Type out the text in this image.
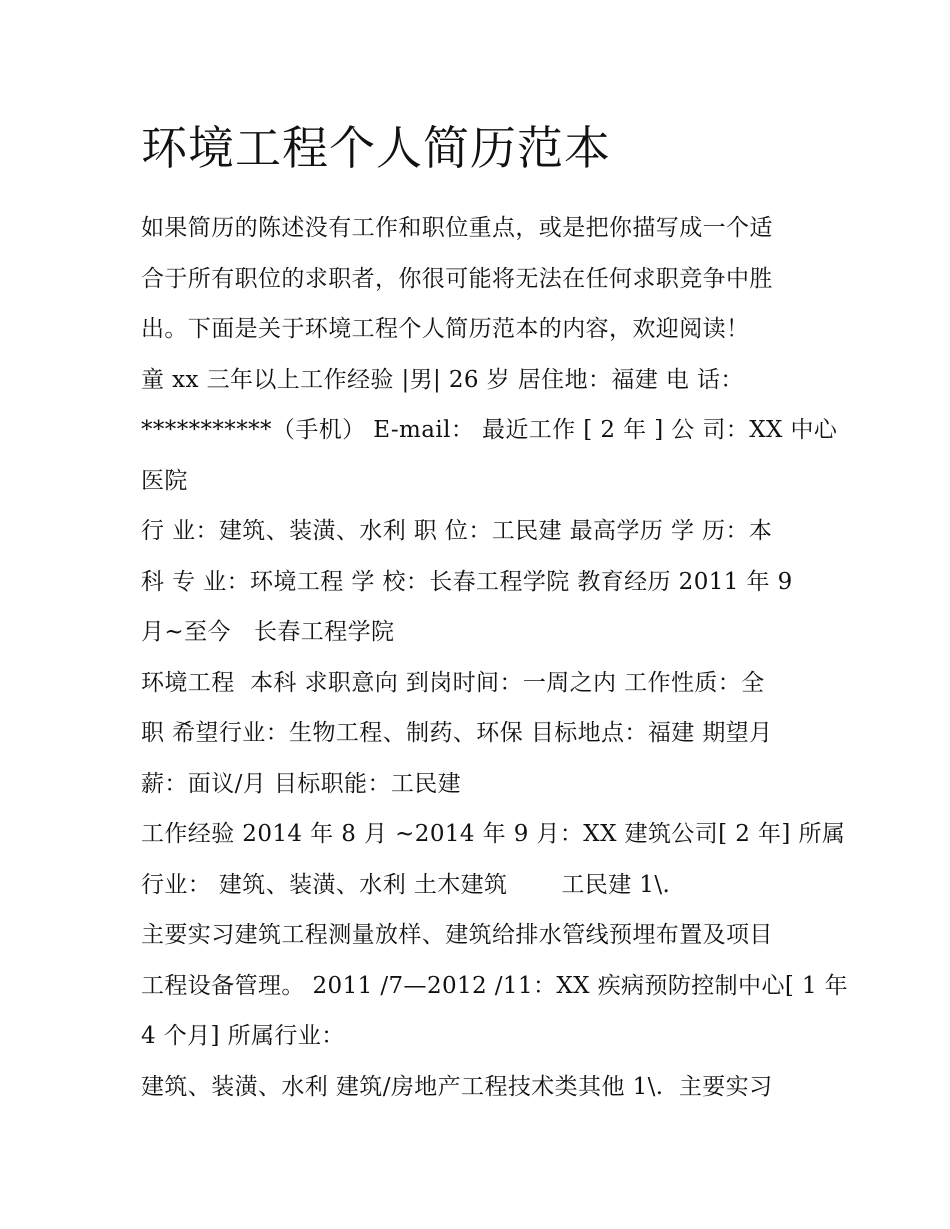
环境工程个人简历范本

如果简历的陈述没有工作和职位重点，或是把你描写成一个适

合于所有职位的求职者，你很可能将无法在任何求职竞争中胜

出。下面是关于环境工程个人简历范本的内容，欢迎阅读！

童 xx 三年以上工作经验 |男| 26 岁 居住地：福建 电 话：

***********（手机） E-mail： 最近工作 [ 2 年 ] 公 司：XX 中心

医院

行 业：建筑、装潢、水利 职 位：工民建 最高学历 学 历：本

科 专 业：环境工程 学 校：长春工程学院 教育经历 2011 年 9

月~至今   长春工程学院

环境工程  本科 求职意向 到岗时间：一周之内 工作性质：全

职 希望行业：生物工程、制药、环保 目标地点：福建 期望月

薪：面议/月 目标职能：工民建

工作经验 2014 年 8 月 ~2014 年 9 月：XX 建筑公司[ 2 年] 所属

行业： 建筑、装潢、水利 土木建筑       工民建 1\.

主要实习建筑工程测量放样、建筑给排水管线预埋布置及项目

工程设备管理。 2011 /7—2012 /11：XX 疾病预防控制中心[ 1 年

4 个月] 所属行业：

建筑、装潢、水利 建筑/房地产工程技术类其他 1\.  主要实习
